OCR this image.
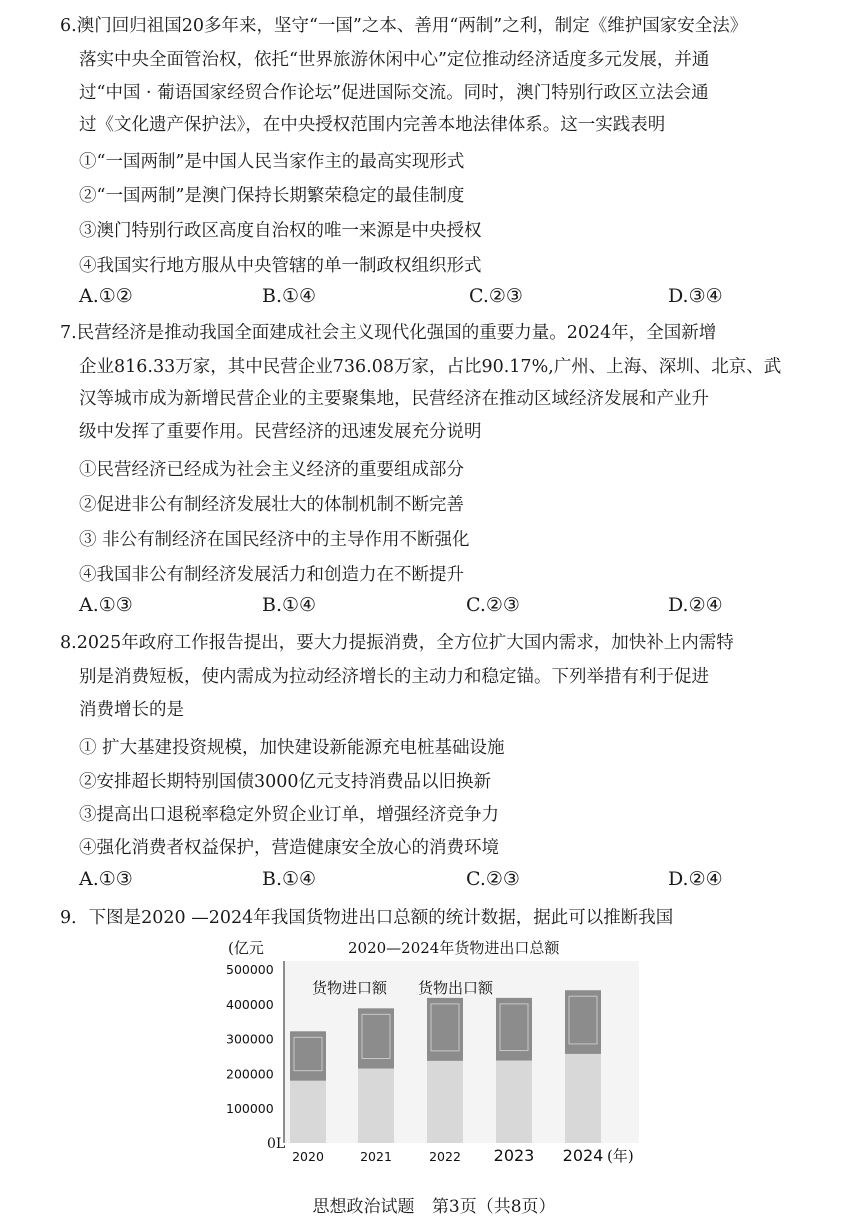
6.澳门回归祖国20多年来，坚守“一国”之本、善用“两制”之利，制定《维护国家安全法》
落实中央全面管治权，依托“世界旅游休闲中心”定位推动经济适度多元发展，并通
过“中国 · 葡语国家经贸合作论坛”促进国际交流。同时，澳门特别行政区立法会通
过《文化遗产保护法》，在中央授权范围内完善本地法律体系。这一实践表明
①“一国两制”是中国人民当家作主的最高实现形式
②“一国两制”是澳门保持长期繁荣稳定的最佳制度
③澳门特别行政区高度自治权的唯一来源是中央授权
④我国实行地方服从中央管辖的单一制政权组织形式
A.①②	B.①④	C.②③	D.③④
7.民营经济是推动我国全面建成社会主义现代化强国的重要力量。2024年，全国新增
企业816.33万家，其中民营企业736.08万家，占比90.17%,广州、上海、深圳、北京、武
汉等城市成为新增民营企业的主要聚集地，民营经济在推动区域经济发展和产业升
级中发挥了重要作用。民营经济的迅速发展充分说明
①民营经济已经成为社会主义经济的重要组成部分
②促进非公有制经济发展壮大的体制机制不断完善
③ 非公有制经济在国民经济中的主导作用不断强化
④我国非公有制经济发展活力和创造力在不断提升
A.①③	B.①④	C.②③	D.②④
8.2025年政府工作报告提出，要大力提振消费，全方位扩大国内需求，加快补上内需特
别是消费短板，使内需成为拉动经济增长的主动力和稳定锚。下列举措有利于促进
消费增长的是
① 扩大基建投资规模，加快建设新能源充电桩基础设施
②安排超长期特别国债3000亿元支持消费品以旧换新
③提高出口退税率稳定外贸企业订单，增强经济竞争力
④强化消费者权益保护，营造健康安全放心的消费环境
A.①③	B.①④	C.②③	D.②④
9．下图是2020 —2024年我国货物进出口总额的统计数据，据此可以推断我国
(亿元	2020—2024年货物进出口总额
500000
400000
300000
200000
100000
0L
货物进口额 货物出口额
2020	2021	2022 2023 2024 (年)
思想政治试题 第3页（共8页）
